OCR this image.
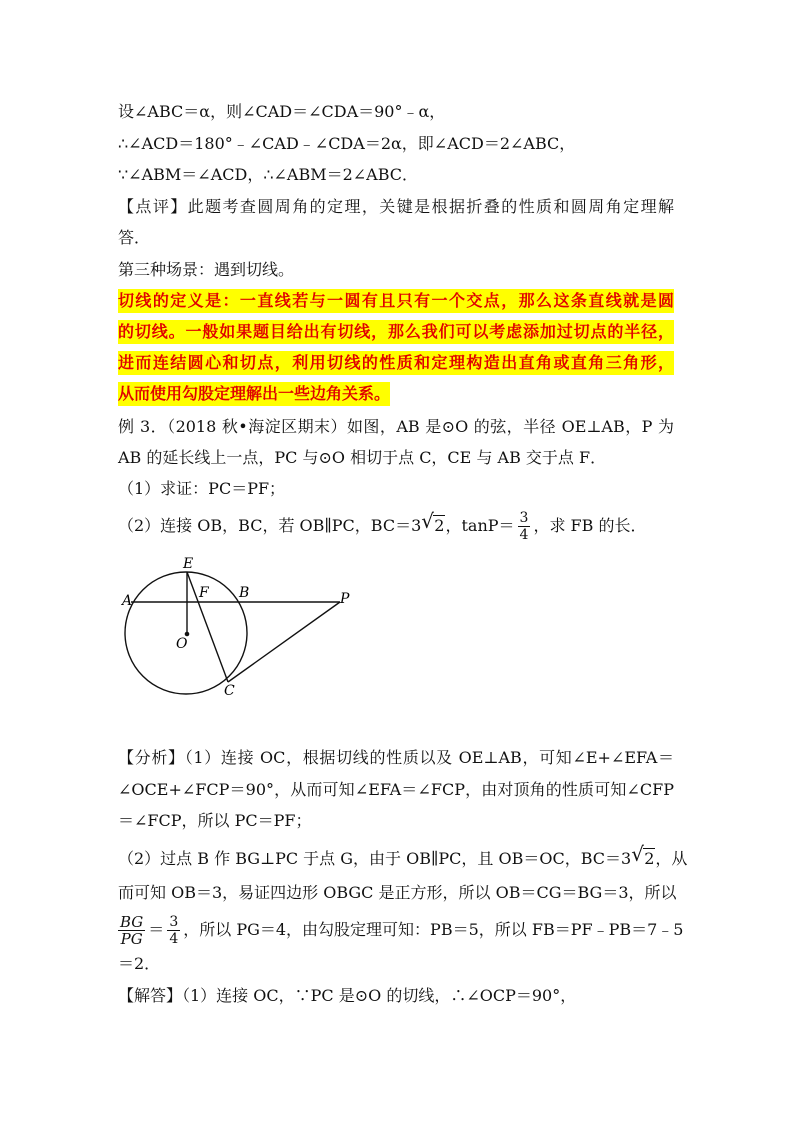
设∠ABC＝α，则∠CAD＝∠CDA＝90°﹣α，
∴∠ACD＝180°﹣∠CAD﹣∠CDA＝2α，即∠ACD＝2∠ABC，
∵∠ABM＝∠ACD，∴∠ABM＝2∠ABC．
【点评】此题考查圆周角的定理，关键是根据折叠的性质和圆周角定理解
答．
第三种场景：遇到切线。
切线的定义是：一直线若与一圆有且只有一个交点，那么这条直线就是圆
的切线。一般如果题目给出有切线，那么我们可以考虑添加过切点的半径，
进而连结圆心和切点，利用切线的性质和定理构造出直角或直角三角形，
从而使用勾股定理解出一些边角关系。
例 3．（2018 秋•海淀区期末）如图，AB 是⊙O 的弦，半径 OE⊥AB，P 为
AB 的延长线上一点，PC 与⊙O 相切于点 C，CE 与 AB 交于点 F．
（1）求证：PC＝PF；
（2）连接 OB，BC，若 OB∥PC，BC＝3 √ 2，$\tan P= \frac{3}{4}$ ，求 FB 的长．
E
A	F B	P
O
C
【分析】（1）连接 OC，根据切线的性质以及 OE⊥AB，可知∠E+∠EFA＝
∠OCE+∠FCP＝90°，从而可知∠EFA＝∠FCP，由对顶角的性质可知∠CFP
＝∠FCP，所以 PC＝PF；
（2）过点 B 作 BG⊥PC 于点 G，由于 OB∥PC，且 OB＝OC，BC＝3 √ 2，从
而可知 OB＝3，易证四边形 OBGC 是正方形，所以 OB＝CG＝BG＝3，所以
$\frac{BG}{PG} = \frac{3}{4}$ ，所以 PG＝4，由勾股定理可知：PB＝5，所以 FB＝PF﹣PB＝7﹣5
＝2．
【解答】（1）连接 OC，∵PC 是⊙O 的切线，∴∠OCP＝90°，
